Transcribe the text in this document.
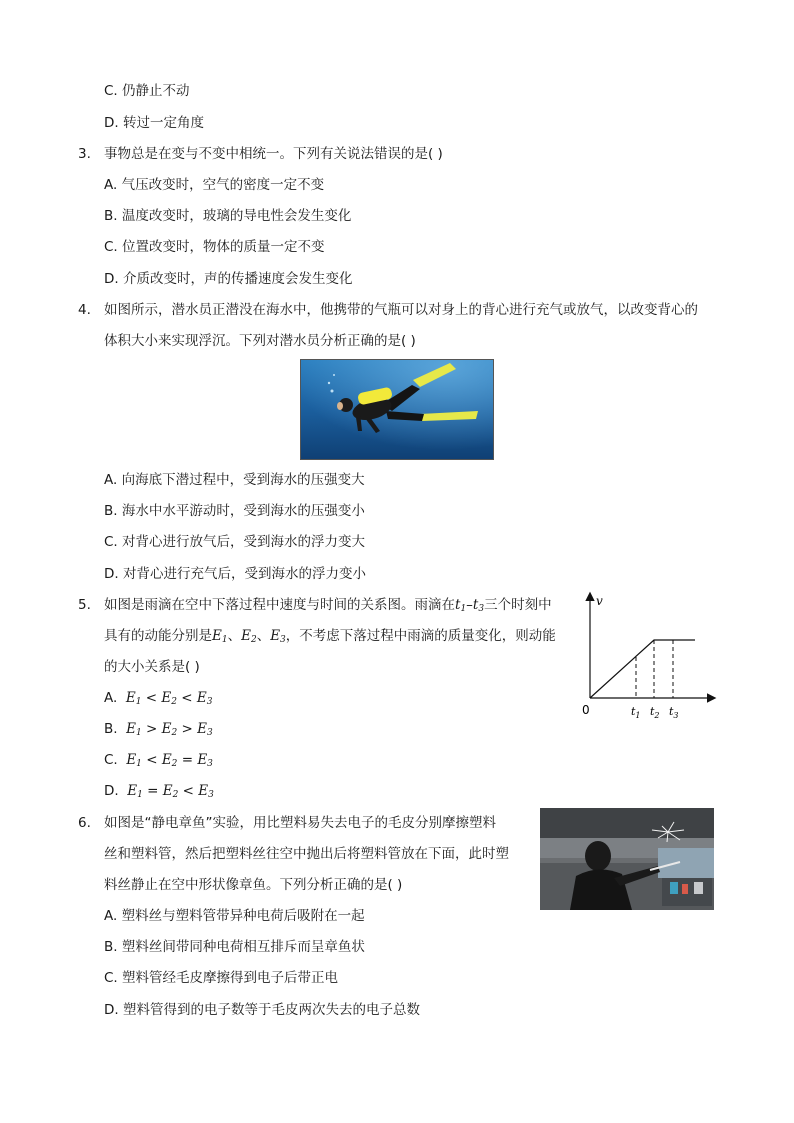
C. 仍静止不动
D. 转过一定角度
3. 事物总是在变与不变中相统一。下列有关说法错误的是( )
A. 气压改变时，空气的密度一定不变
B. 温度改变时，玻璃的导电性会发生变化
C. 位置改变时，物体的质量一定不变
D. 介质改变时，声的传播速度会发生变化
4. 如图所示，潜水员正潜没在海水中，他携带的气瓶可以对身上的背心进行充气或放气，以改变背心的
体积大小来实现浮沉。下列对潜水员分析正确的是( )
A. 向海底下潜过程中，受到海水的压强变大
B. 海水中水平游动时，受到海水的压强变小
C. 对背心进行放气后，受到海水的浮力变大
D. 对背心进行充气后，受到海水的浮力变小
5. 如图是雨滴在空中下落过程中速度与时间的关系图。雨滴在$t_1-t_3$三个时刻中
具有的动能分别是$E_1$、$E_2$、$E_3$，不考虑下落过程中雨滴的质量变化，则动能
的大小关系是( )
A. $E_1 < E_2 < E_3$
B. $E_1 > E_2 > E_3$
C. $E_1 < E_2 = E_3$
D. $E_1 = E_2 < E_3$
v
0	$t_1$ $t_2$ $t_3$
6. 如图是“静电章鱼”实验，用比塑料易失去电子的毛皮分别摩擦塑料
丝和塑料管，然后把塑料丝往空中抛出后将塑料管放在下面，此时塑
料丝静止在空中形状像章鱼。下列分析正确的是( )
A. 塑料丝与塑料管带异种电荷后吸附在一起
B. 塑料丝间带同种电荷相互排斥而呈章鱼状
C. 塑料管经毛皮摩擦得到电子后带正电
D. 塑料管得到的电子数等于毛皮两次失去的电子总数
